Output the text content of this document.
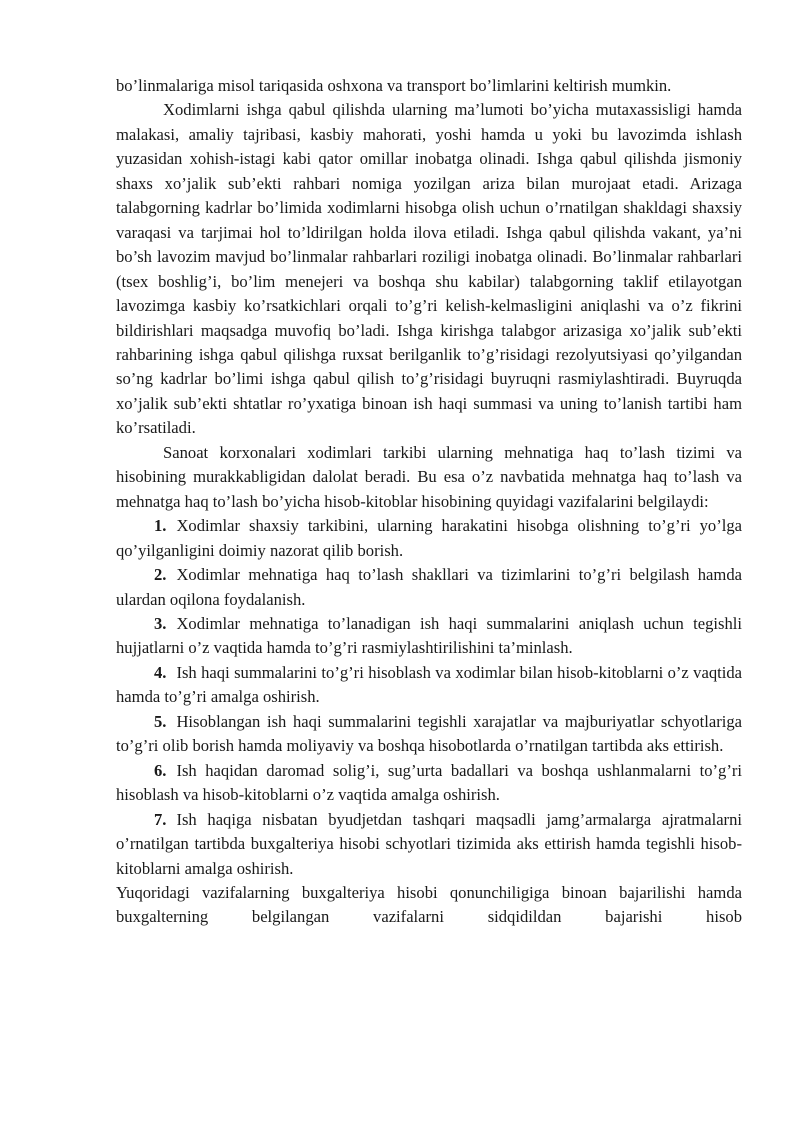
bo’linmalariga misol tariqasida oshxona va transport bo’limlarini keltirish mumkin.

Xodimlarni ishga qabul qilishda ularning ma’lumoti bo’yicha mutaxassisligi hamda malakasi, amaliy tajribasi, kasbiy mahorati, yoshi hamda u yoki bu lavozimda ishlash yuzasidan xohish-istagi kabi qator omillar inobatga olinadi. Ishga qabul qilishda jismoniy shaxs xo’jalik sub’ekti rahbari nomiga yozilgan ariza bilan murojaat etadi. Arizaga talabgorning kadrlar bo’limida xodimlarni hisobga olish uchun o’rnatilgan shakldagi shaxsiy varaqasi va tarjimai hol to’ldirilgan holda ilova etiladi. Ishga qabul qilishda vakant, ya’ni bo’sh lavozim mavjud bo’linmalar rahbarlari roziligi inobatga olinadi. Bo’linmalar rahbarlari (tsex boshlig’i, bo’lim menejeri va boshqa shu kabilar) talabgorning taklif etilayotgan lavozimga kasbiy ko’rsatkichlari orqali to’g’ri kelish-kelmasligini aniqlashi va o’z fikrini bildirishlari maqsadga muvofiq bo’ladi. Ishga kirishga talabgor arizasiga xo’jalik sub’ekti rahbarining ishga qabul qilishga ruxsat berilganlik to’g’risidagi rezolyutsiyasi qo’yilgandan so’ng kadrlar bo’limi ishga qabul qilish to’g’risidagi buyruqni rasmiylashtiradi. Buyruqda xo’jalik sub’ekti shtatlar ro’yxatiga binoan ish haqi summasi va uning to’lanish tartibi ham ko’rsatiladi.

Sanoat korxonalari xodimlari tarkibi ularning mehnatiga haq to’lash tizimi va hisobining murakkabligidan dalolat beradi. Bu esa o’z navbatida mehnatga haq to’lash va mehnatga haq to’lash bo’yicha hisob-kitoblar hisobining quyidagi vazifalarini belgilaydi:

1. Xodimlar shaxsiy tarkibini, ularning harakatini hisobga olishning to’g’ri yo’lga qo’yilganligini doimiy nazorat qilib borish.

2. Xodimlar mehnatiga haq to’lash shakllari va tizimlarini to’g’ri belgilash hamda ulardan oqilona foydalanish.

3. Xodimlar mehnatiga to’lanadigan ish haqi summalarini aniqlash uchun tegishli hujjatlarni o’z vaqtida hamda to’g’ri rasmiylashtirilishini ta’minlash.

4. Ish haqi summalarini to’g’ri hisoblash va xodimlar bilan hisob-kitoblarni o’z vaqtida hamda to’g’ri amalga oshirish.

5. Hisoblangan ish haqi summalarini tegishli xarajatlar va majburiyatlar schyotlariga to’g’ri olib borish hamda moliyaviy va boshqa hisobotlarda o’rnatilgan tartibda aks ettirish.

6. Ish haqidan daromad solig’i, sug’urta badallari va boshqa ushlanmalarni to’g’ri hisoblash va hisob-kitoblarni o’z vaqtida amalga oshirish.

7. Ish haqiga nisbatan byudjetdan tashqari maqsadli jamg’armalarga ajratmalarni o’rnatilgan tartibda buxgalteriya hisobi schyotlari tizimida aks ettirish hamda tegishli hisob-kitoblarni amalga oshirish.

Yuqoridagi vazifalarning buxgalteriya hisobi qonunchiligiga binoan bajarilishi hamda buxgalterning belgilangan vazifalarni sidqidildan bajarishi hisob
